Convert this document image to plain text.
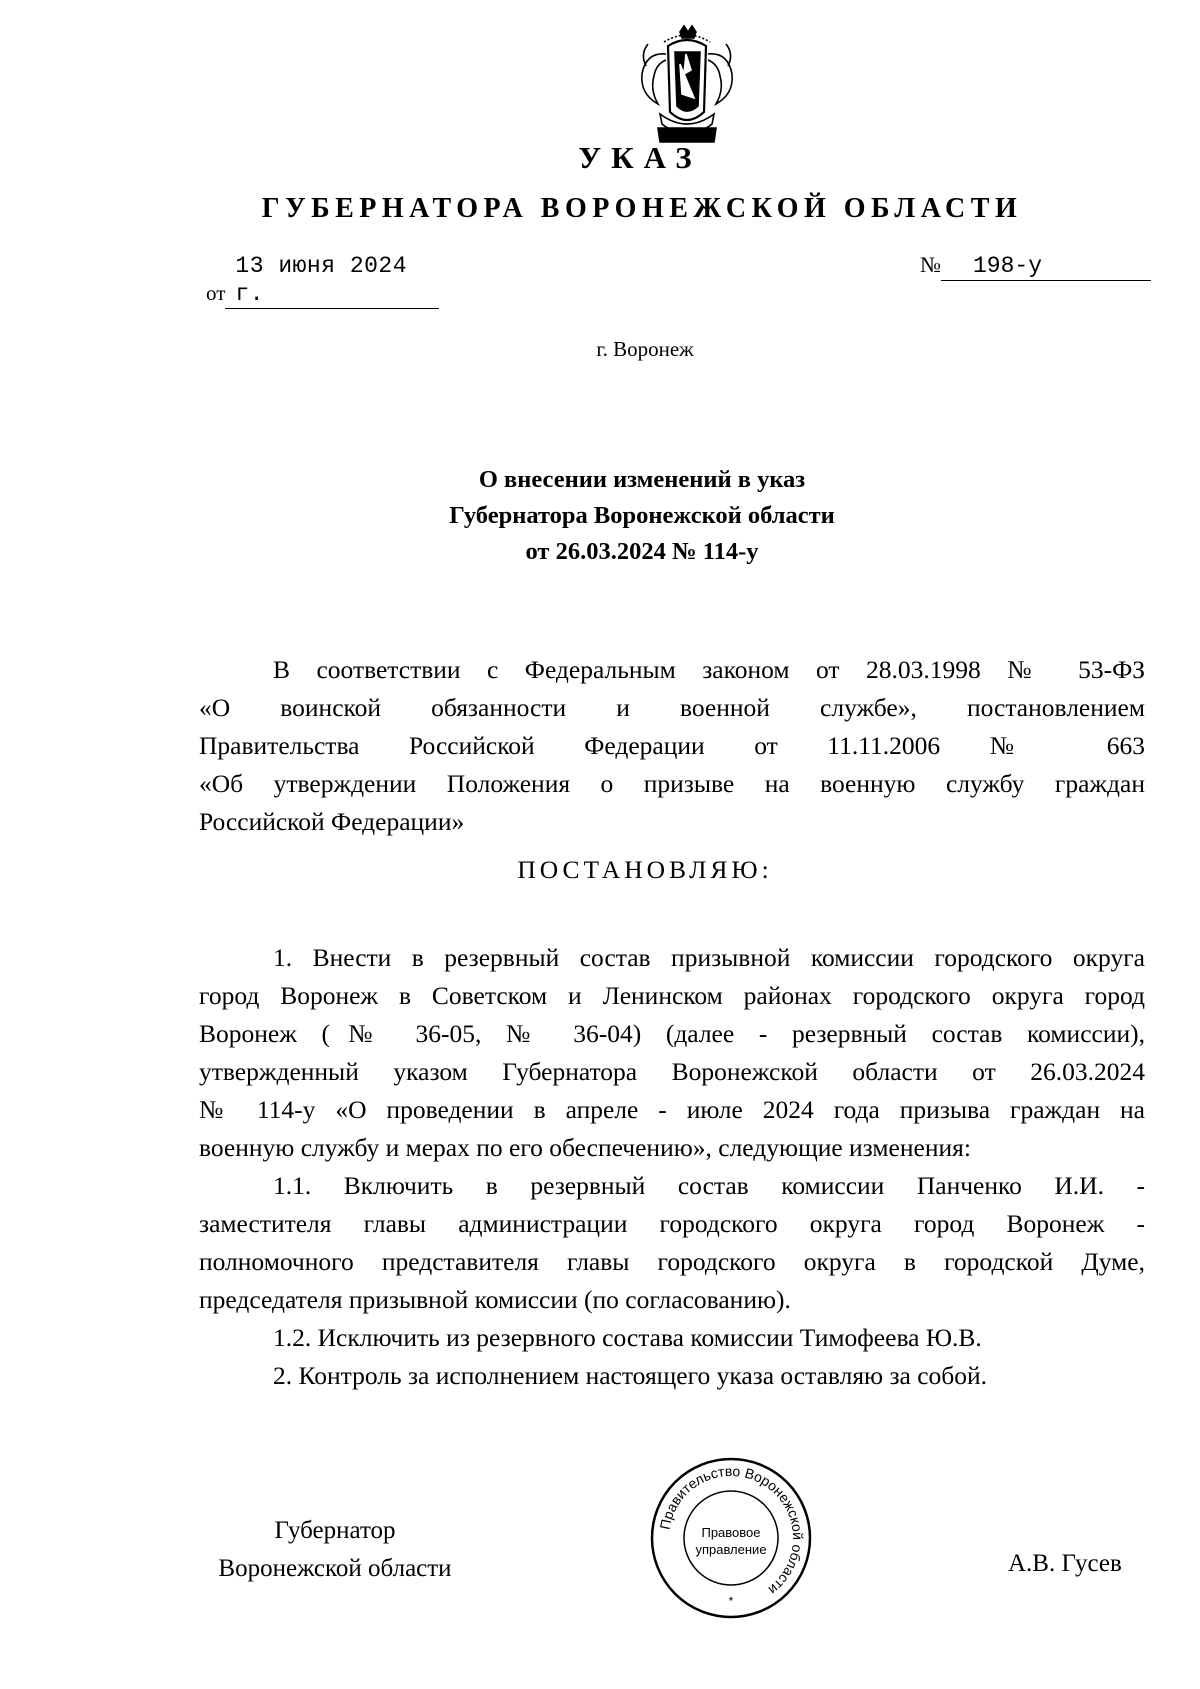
УКАЗ
ГУБЕРНАТОРА ВОРОНЕЖСКОЙ ОБЛАСТИ
от13 июня 2024 г.
№ 198-у
г. Воронеж
О внесении изменений в указ
Губернатора Воронежской области
от 26.03.2024 № 114-у
В соответствии с Федеральным законом от 28.03.1998 № 53-ФЗ
«О воинской обязанности и военной службе», постановлением
Правительства Российской Федерации от 11.11.2006 № 663
«Об утверждении Положения о призыве на военную службу граждан
Российской Федерации»
ПОСТАНОВЛЯЮ:
1. Внести в резервный состав призывной комиссии городского округа
город Воронеж в Советском и Ленинском районах городского округа город
Воронеж (№ 36-05, № 36-04) (далее - резервный состав комиссии),
утвержденный указом Губернатора Воронежской области от 26.03.2024
№ 114-у «О проведении в апреле - июле 2024 года призыва граждан на
военную службу и мерах по его обеспечению», следующие изменения:
1.1. Включить в резервный состав комиссии Панченко И.И. -
заместителя главы администрации городского округа город Воронеж -
полномочного представителя главы городского округа в городской Думе,
председателя призывной комиссии (по согласованию).
1.2. Исключить из резервного состава комиссии Тимофеева Ю.В.
2. Контроль за исполнением настоящего указа оставляю за собой.
Губернатор
Воронежской области
Правительство Воронежской области
Правовое
управление
*
А.В. Гусев
